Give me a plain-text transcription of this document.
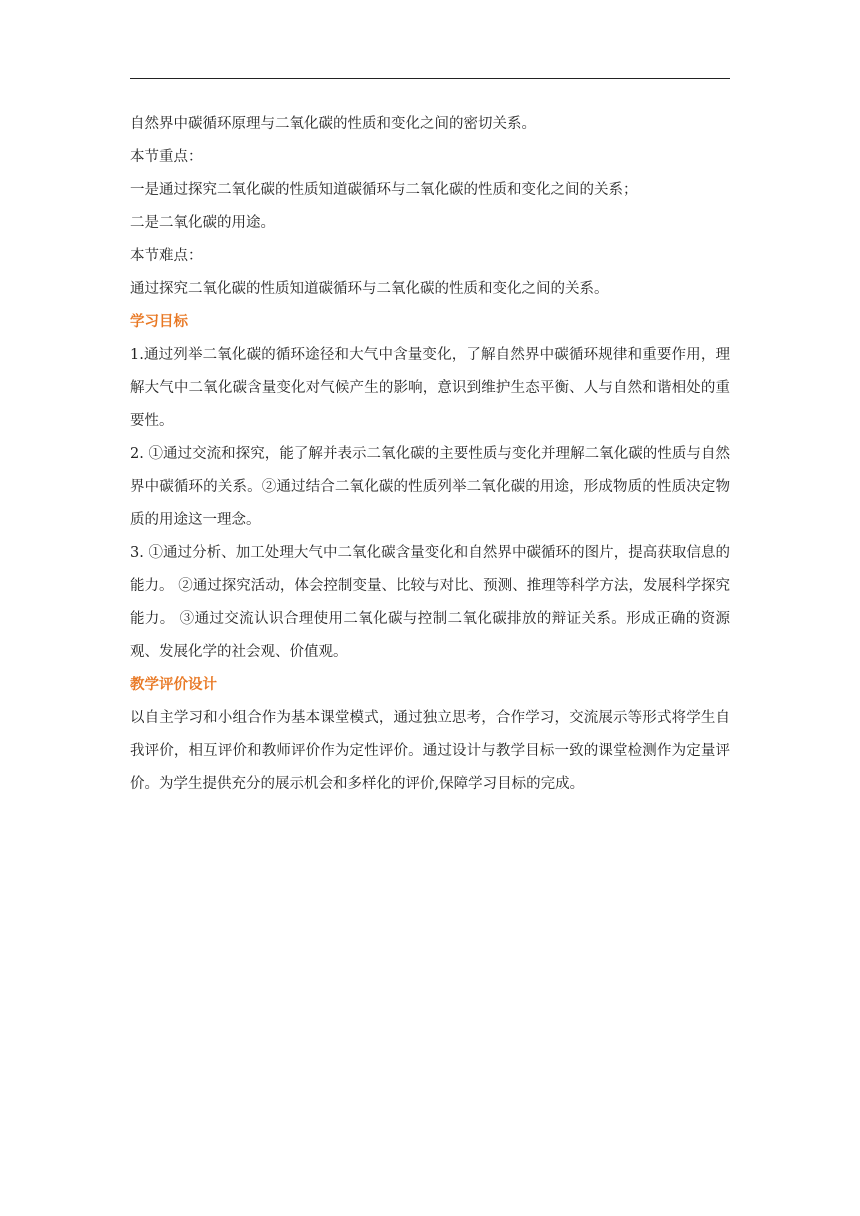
自然界中碳循环原理与二氧化碳的性质和变化之间的密切关系。

本节重点：

一是通过探究二氧化碳的性质知道碳循环与二氧化碳的性质和变化之间的关系；

二是二氧化碳的用途。

本节难点：

通过探究二氧化碳的性质知道碳循环与二氧化碳的性质和变化之间的关系。

学习目标

1.通过列举二氧化碳的循环途径和大气中含量变化，了解自然界中碳循环规律和重要作用，理解大气中二氧化碳含量变化对气候产生的影响，意识到维护生态平衡、人与自然和谐相处的重要性。

2. ①通过交流和探究，能了解并表示二氧化碳的主要性质与变化并理解二氧化碳的性质与自然界中碳循环的关系。②通过结合二氧化碳的性质列举二氧化碳的用途，形成物质的性质决定物质的用途这一理念。

3. ①通过分析、加工处理大气中二氧化碳含量变化和自然界中碳循环的图片，提高获取信息的能力。 ②通过探究活动，体会控制变量、比较与对比、预测、推理等科学方法，发展科学探究能力。 ③通过交流认识合理使用二氧化碳与控制二氧化碳排放的辩证关系。形成正确的资源观、发展化学的社会观、价值观。

教学评价设计

以自主学习和小组合作为基本课堂模式，通过独立思考，合作学习，交流展示等形式将学生自我评价，相互评价和教师评价作为定性评价。通过设计与教学目标一致的课堂检测作为定量评价。为学生提供充分的展示机会和多样化的评价,保障学习目标的完成。
